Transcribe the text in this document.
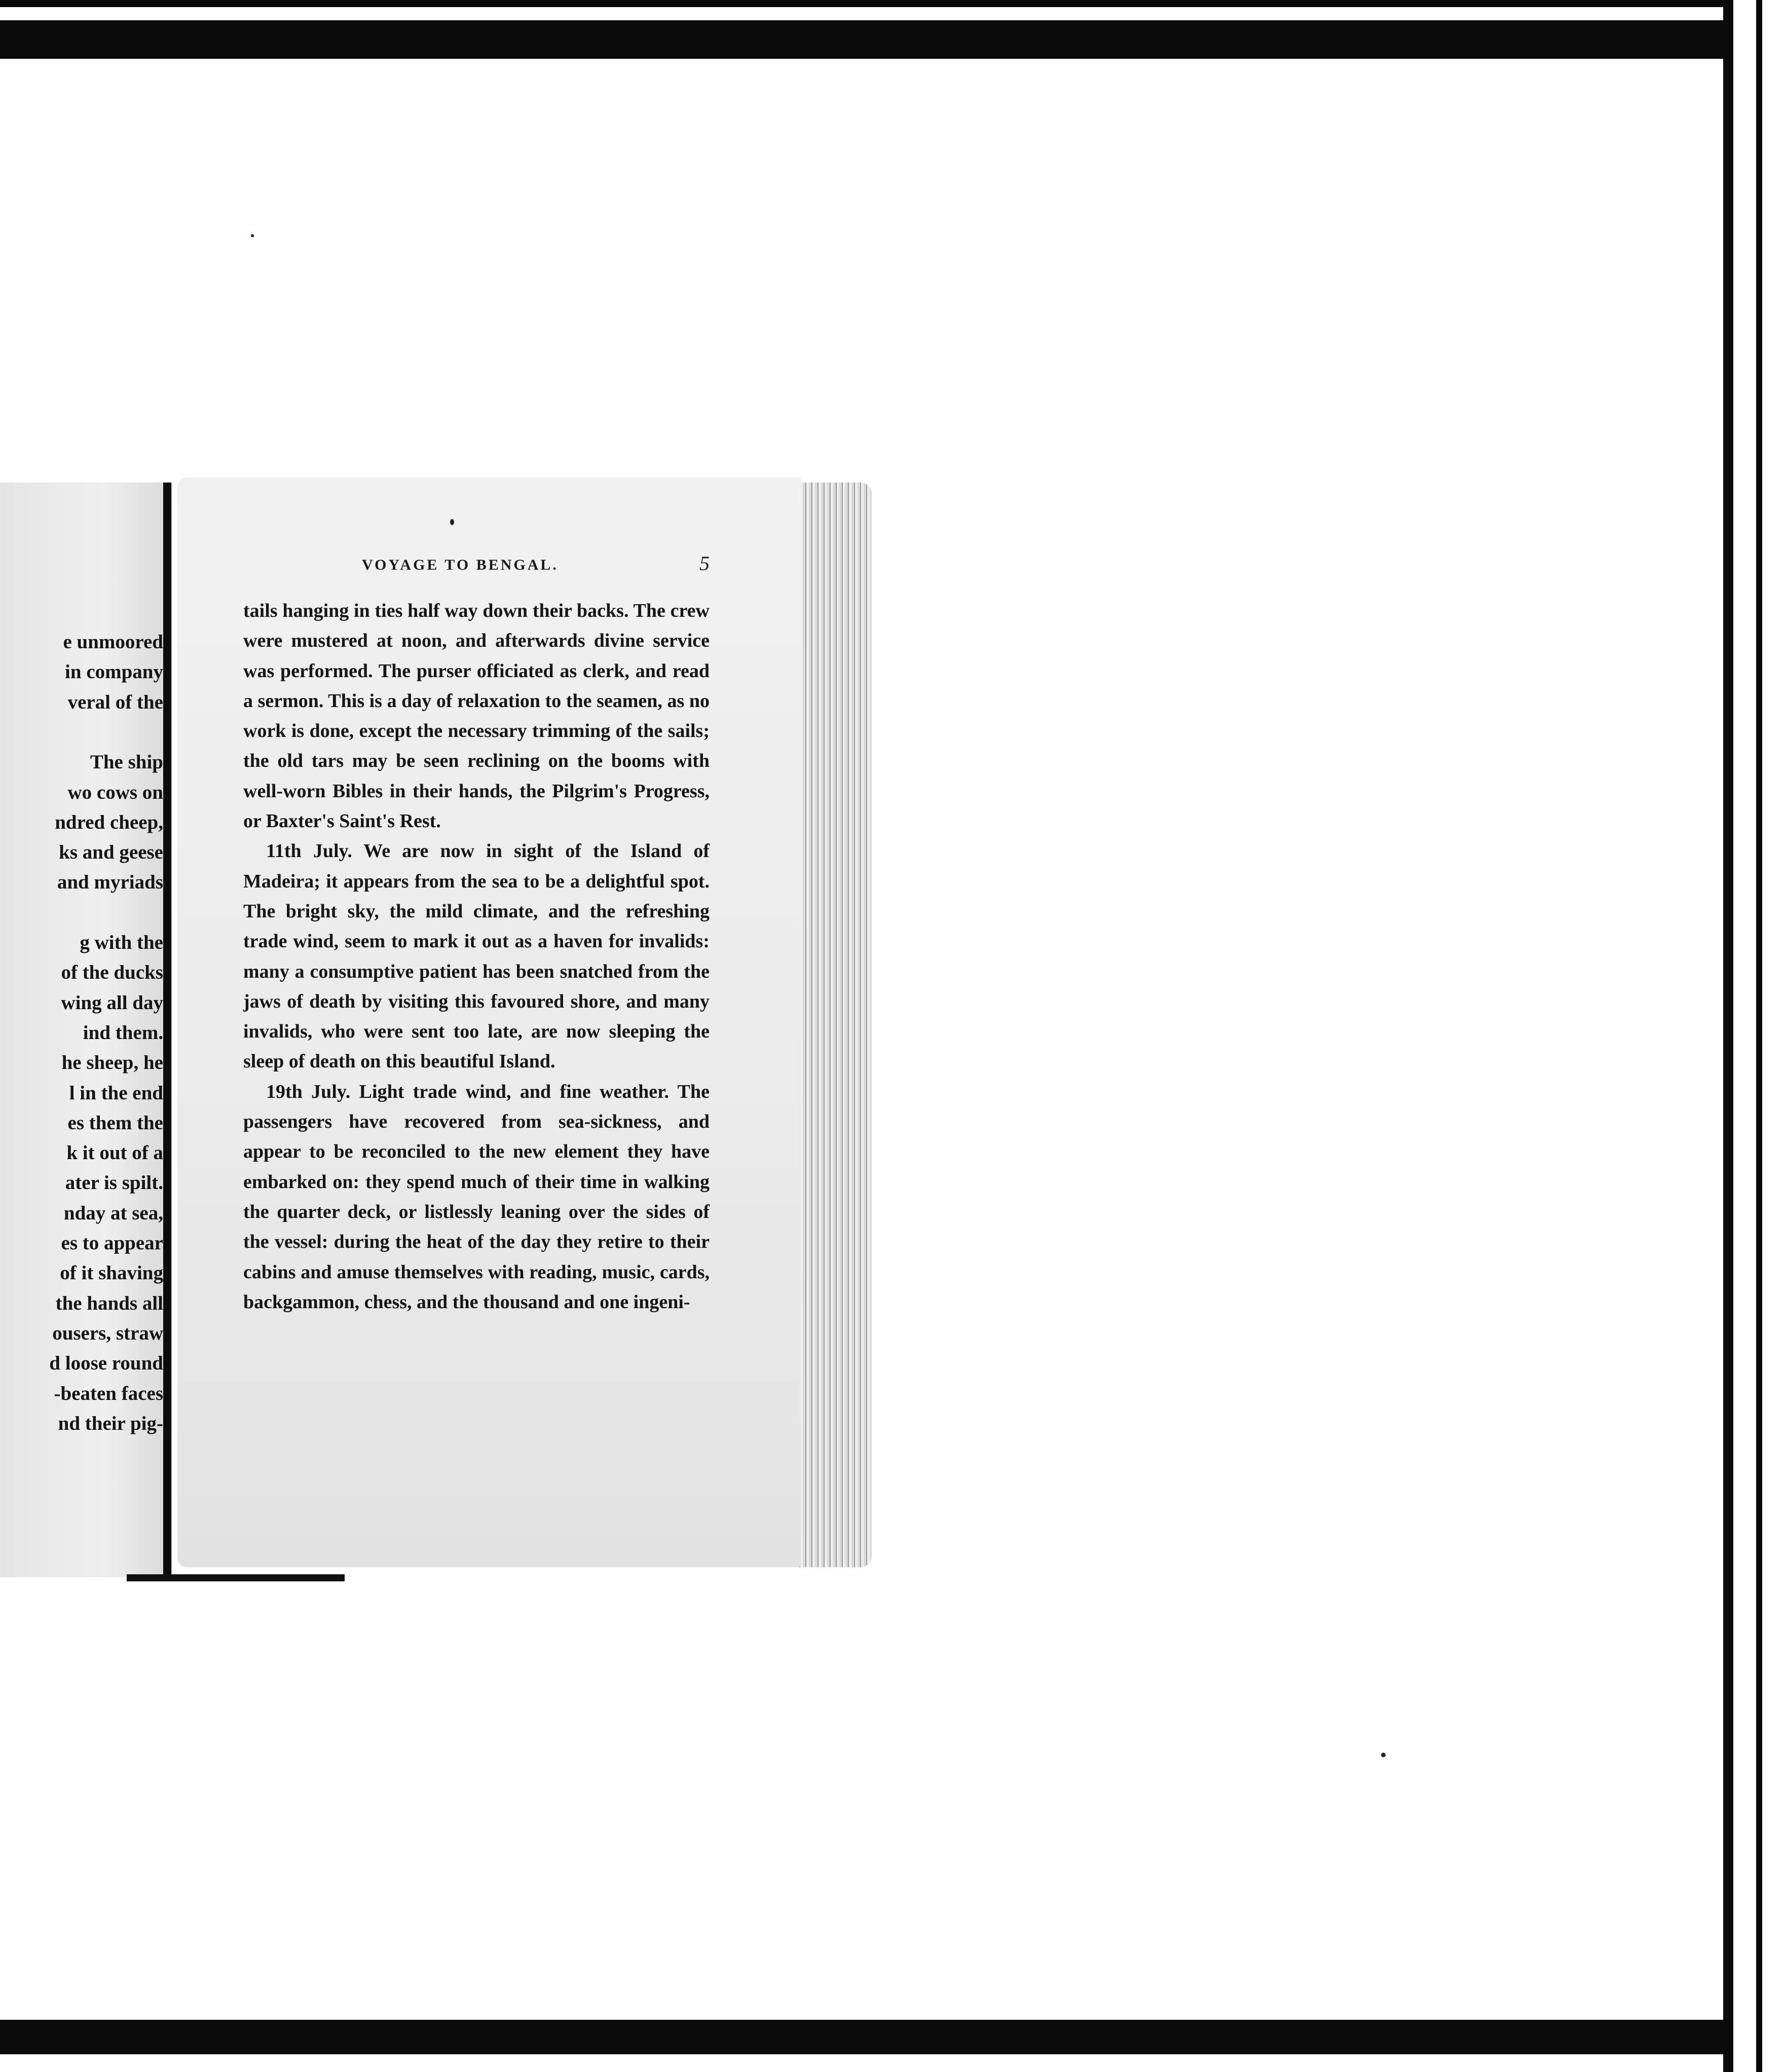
e unmoored
in company
veral of the
The ship
wo cows on
ndred cheep,
ks and geese
and myriads
g with the
of the ducks
wing all day
ind them.
he sheep, he
l in the end
es them the
k it out of a
ater is spilt.
nday at sea,
es to appear
of it shaving
the hands all
ousers, straw
d loose round
-beaten faces
nd their pig-
VOYAGE TO BENGAL.	5

tails hanging in ties half way down their backs. The crew were mustered at noon, and afterwards divine service was performed. The purser officiated as clerk, and read a sermon. This is a day of relaxation to the seamen, as no work is done, except the necessary trimming of the sails; the old tars may be seen reclining on the booms with well-worn Bibles in their hands, the Pilgrim's Progress, or Baxter's Saint's Rest.

11th July. We are now in sight of the Island of Madeira; it appears from the sea to be a delightful spot. The bright sky, the mild climate, and the refreshing trade wind, seem to mark it out as a haven for invalids: many a consumptive patient has been snatched from the jaws of death by visiting this favoured shore, and many invalids, who were sent too late, are now sleeping the sleep of death on this beautiful Island.

19th July. Light trade wind, and fine weather. The passengers have recovered from sea-sickness, and appear to be reconciled to the new element they have embarked on: they spend much of their time in walking the quarter deck, or listlessly leaning over the sides of the vessel: during the heat of the day they retire to their cabins and amuse themselves with reading, music, cards, backgammon, chess, and the thousand and one ingeni-
